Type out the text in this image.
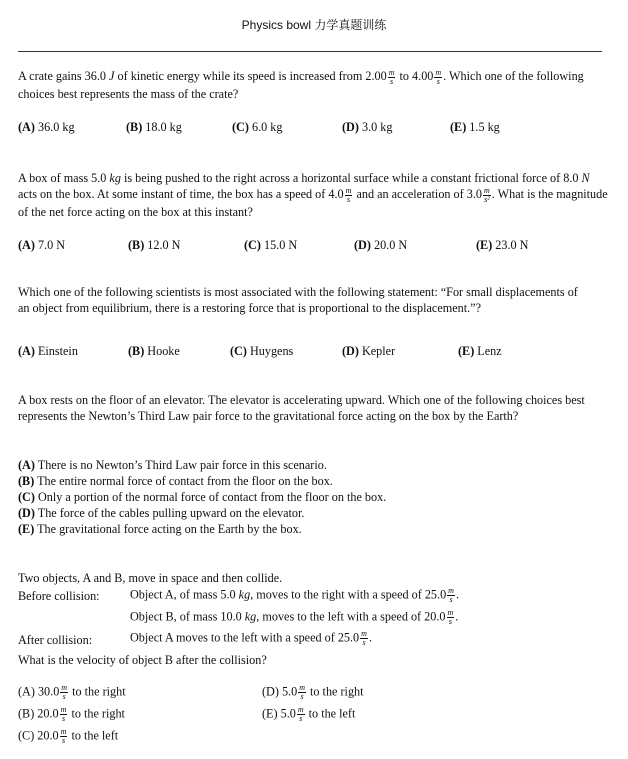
Physics bowl 力学真题训练
A crate gains 36.0 J of kinetic energy while its speed is increased from $2.00 \frac{m}{s}$ to $4.00 \frac{m}{s}$ . Which one of the following choices best represents the mass of the crate?
(A) 36.0 kg	(B) 18.0 kg	(C) 6.0 kg	(D) 3.0 kg	(E) 1.5 kg
A box of mass 5.0 kg is being pushed to the right across a horizontal surface while a constant frictional force of 8.0 N acts on the box. At some instant of time, the box has a speed of $4.0 \frac{m}{s}$ and an acceleration of $3.0 \frac{m}{\text{s²}}$ . What is the magnitude of the net force acting on the box at this instant?
(A) 7.0 N	(B) 12.0 N	(C) 15.0 N	(D) 20.0 N	(E) 23.0 N
Which one of the following scientists is most associated with the following statement: “For small displacements of an object from equilibrium, there is a restoring force that is proportional to the displacement.”?
(A) Einstein	(B) Hooke	(C) Huygens	(D) Kepler	(E) Lenz
A box rests on the floor of an elevator. The elevator is accelerating upward. Which one of the following choices best represents the Newton’s Third Law pair force to the gravitational force acting on the box by the Earth?
(A) There is no Newton’s Third Law pair force in this scenario.
(B) The entire normal force of contact from the floor on the box.
(C) Only a portion of the normal force of contact from the floor on the box.
(D) The force of the cables pulling upward on the elevator.
(E) The gravitational force acting on the Earth by the box.
Two objects, A and B, move in space and then collide.
Before collision: Object A, of mass 5.0 kg, moves to the right with a speed of $25.0 \frac{m}{s}$ .
Object B, of mass 10.0 kg, moves to the left with a speed of $20.0 \frac{m}{s}$ .
After collision:	Object A moves to the left with a speed of $25.0 \frac{m}{s}$ .
What is the velocity of object B after the collision?
(A) $30.0 \frac{m}{s}$ to the right
(B) $20.0 \frac{m}{s}$ to the right
(C) $20.0 \frac{m}{s}$ to the left
(D) $5.0 \frac{m}{s}$ to the right
(E) $5.0 \frac{m}{s}$ to the left
